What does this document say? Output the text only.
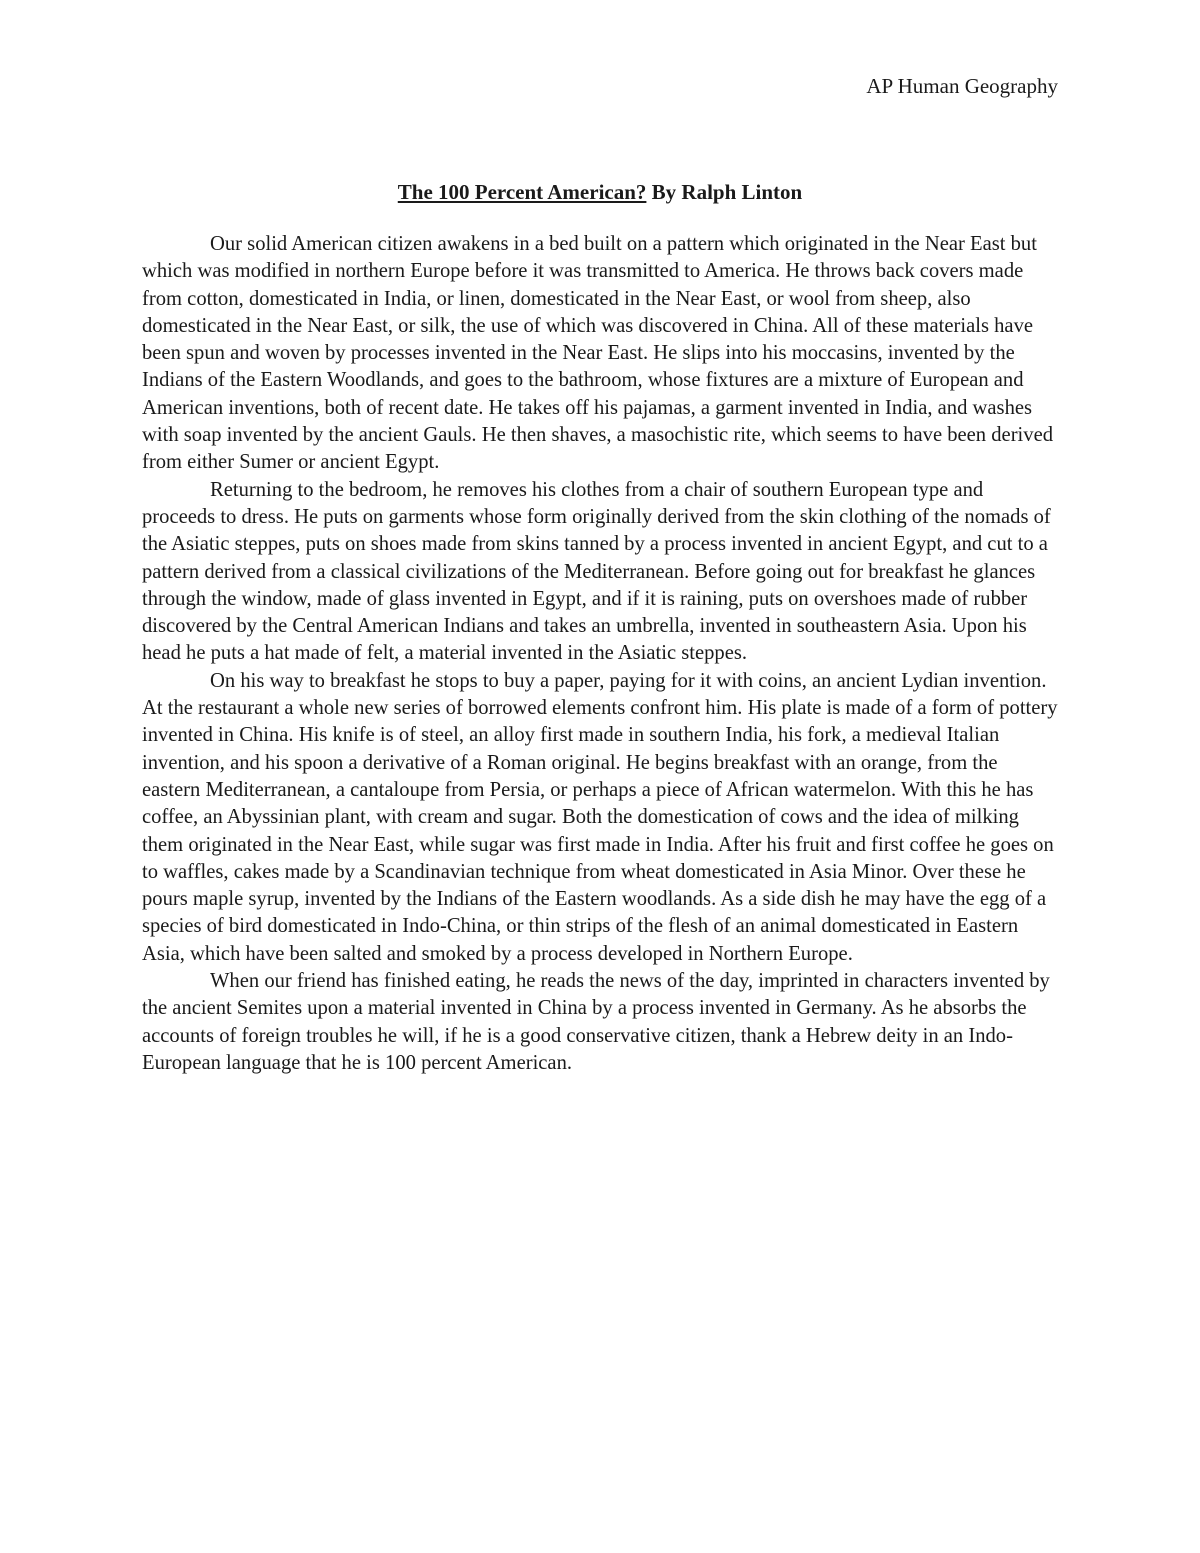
AP Human Geography
The 100 Percent American? By Ralph Linton

Our solid American citizen awakens in a bed built on a pattern which originated in the Near East but which was modified in northern Europe before it was transmitted to America. He throws back covers made from cotton, domesticated in India, or linen, domesticated in the Near East, or wool from sheep, also domesticated in the Near East, or silk, the use of which was discovered in China. All of these materials have been spun and woven by processes invented in the Near East. He slips into his moccasins, invented by the Indians of the Eastern Woodlands, and goes to the bathroom, whose fixtures are a mixture of European and American inventions, both of recent date. He takes off his pajamas, a garment invented in India, and washes with soap invented by the ancient Gauls. He then shaves, a masochistic rite, which seems to have been derived from either Sumer or ancient Egypt.

Returning to the bedroom, he removes his clothes from a chair of southern European type and proceeds to dress. He puts on garments whose form originally derived from the skin clothing of the nomads of the Asiatic steppes, puts on shoes made from skins tanned by a process invented in ancient Egypt, and cut to a pattern derived from a classical civilizations of the Mediterranean. Before going out for breakfast he glances through the window, made of glass invented in Egypt, and if it is raining, puts on overshoes made of rubber discovered by the Central American Indians and takes an umbrella, invented in southeastern Asia. Upon his head he puts a hat made of felt, a material invented in the Asiatic steppes.

On his way to breakfast he stops to buy a paper, paying for it with coins, an ancient Lydian invention. At the restaurant a whole new series of borrowed elements confront him. His plate is made of a form of pottery invented in China. His knife is of steel, an alloy first made in southern India, his fork, a medieval Italian invention, and his spoon a derivative of a Roman original. He begins breakfast with an orange, from the eastern Mediterranean, a cantaloupe from Persia, or perhaps a piece of African watermelon. With this he has coffee, an Abyssinian plant, with cream and sugar. Both the domestication of cows and the idea of milking them originated in the Near East, while sugar was first made in India. After his fruit and first coffee he goes on to waffles, cakes made by a Scandinavian technique from wheat domesticated in Asia Minor. Over these he pours maple syrup, invented by the Indians of the Eastern woodlands. As a side dish he may have the egg of a species of bird domesticated in Indo-China, or thin strips of the flesh of an animal domesticated in Eastern Asia, which have been salted and smoked by a process developed in Northern Europe.

When our friend has finished eating, he reads the news of the day, imprinted in characters invented by the ancient Semites upon a material invented in China by a process invented in Germany. As he absorbs the accounts of foreign troubles he will, if he is a good conservative citizen, thank a Hebrew deity in an Indo-European language that he is 100 percent American.
